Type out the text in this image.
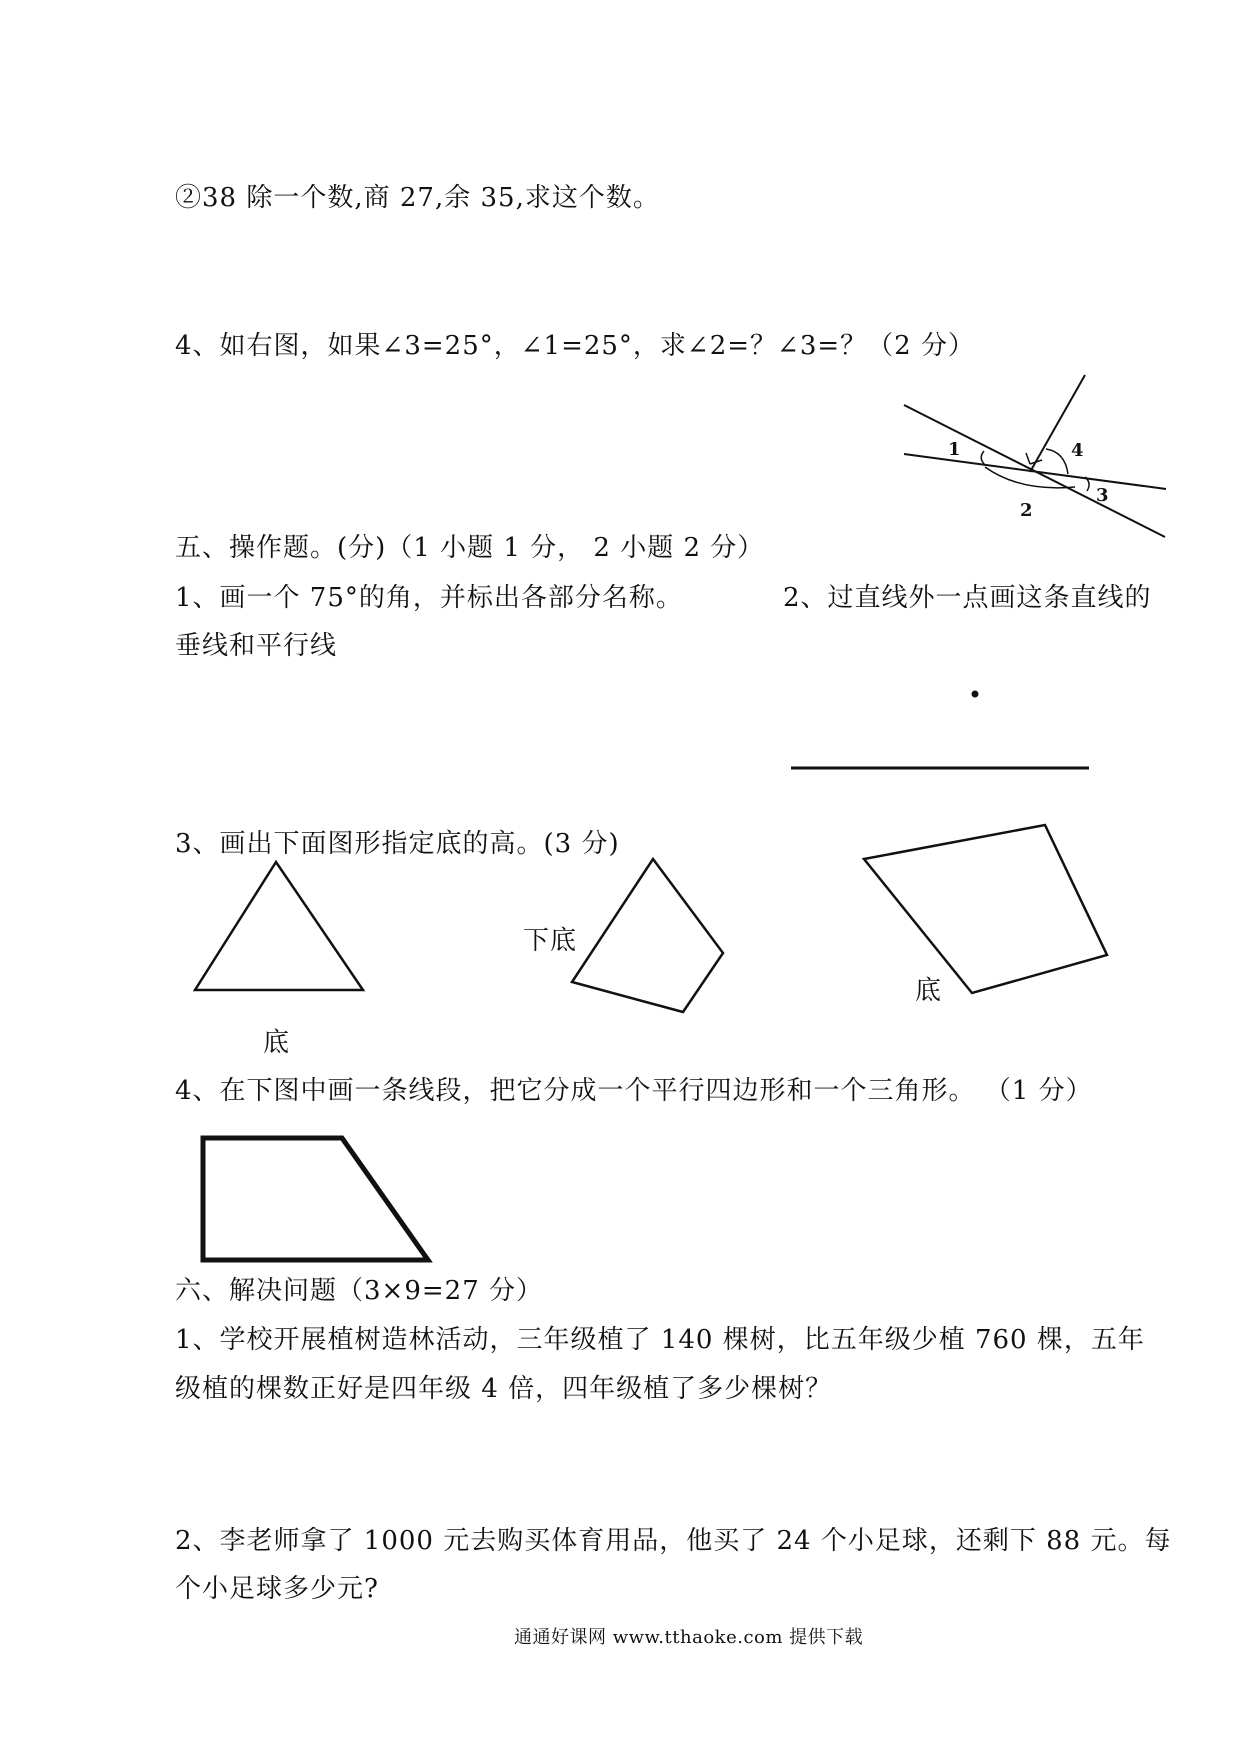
②38 除一个数,商 27,余 35,求这个数。
4、如右图，如果∠3=25°，∠1=25°，求∠2=？∠3=？（2 分）
1
2
3
4
五、操作题。(分)（1 小题 1 分， 2 小题 2 分）
1、画一个 75°的角，并标出各部分名称。	2、过直线外一点画这条直线的
垂线和平行线
3、画出下面图形指定底的高。(3 分)
底
下底
底
4、在下图中画一条线段，把它分成一个平行四边形和一个三角形。 （1 分）
六、解决问题（3×9=27 分）
1、学校开展植树造林活动，三年级植了 140 棵树，比五年级少植 760 棵，五年
级植的棵数正好是四年级 4 倍，四年级植了多少棵树？
2、李老师拿了 1000 元去购买体育用品，他买了 24 个小足球，还剩下 88 元。每
个小足球多少元?
通通好课网 www.tthaoke.com 提供下载
